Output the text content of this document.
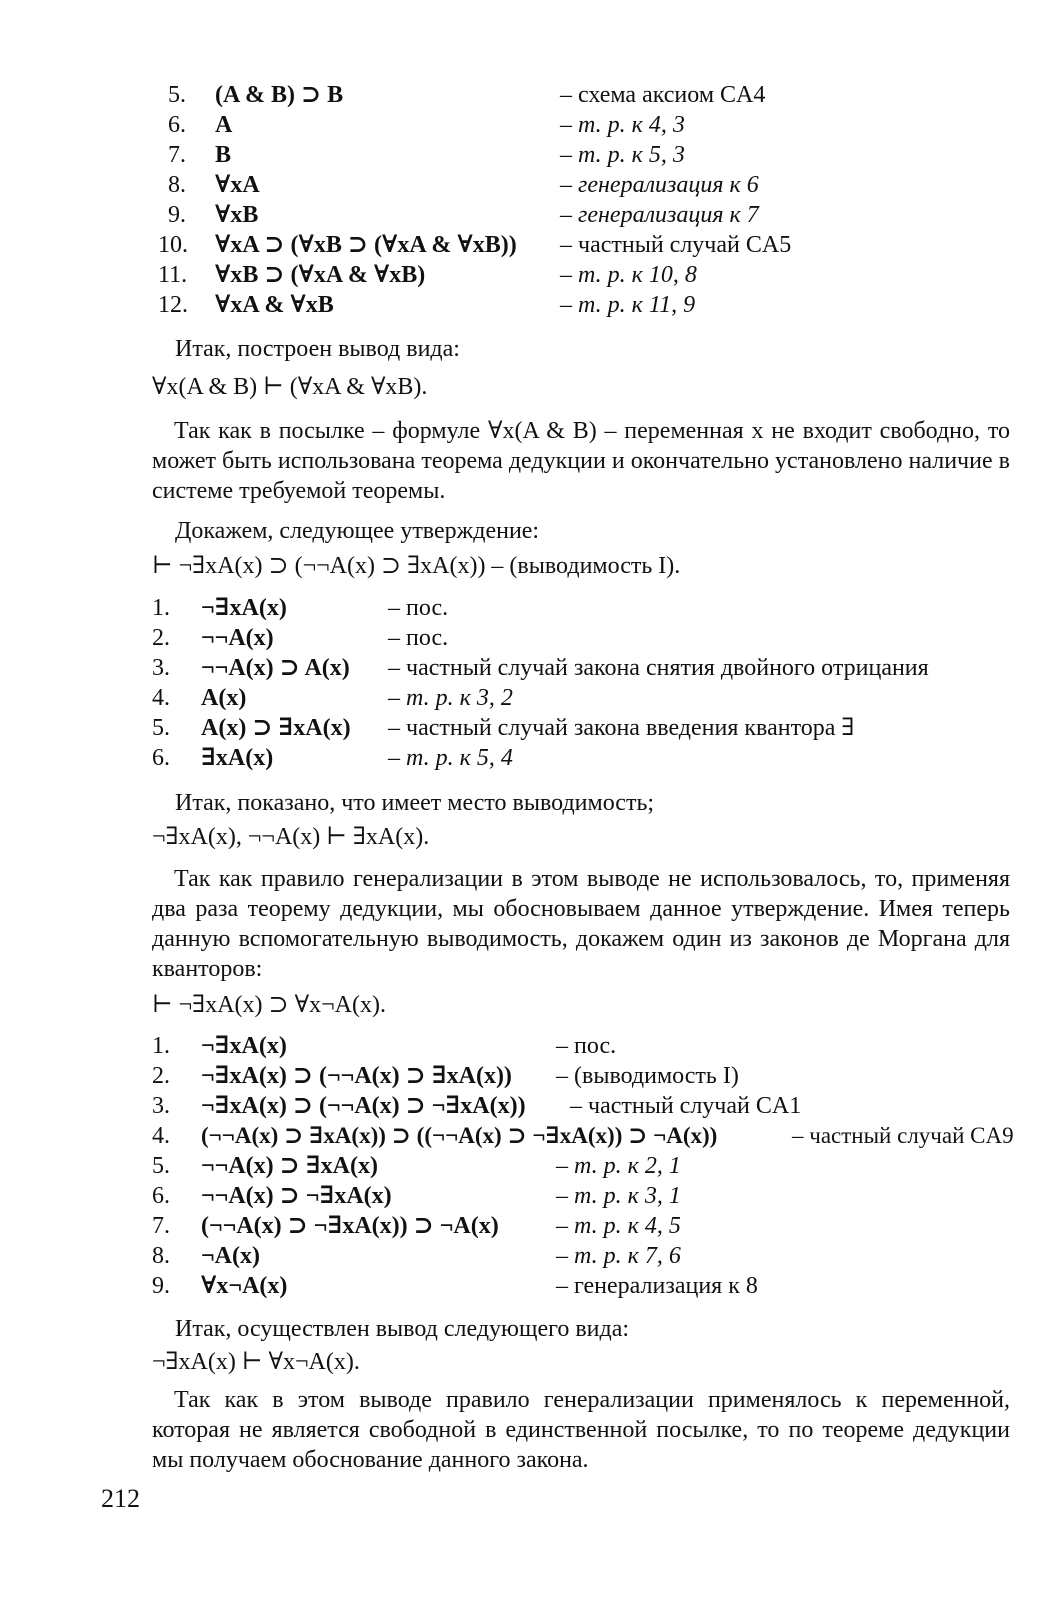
5. (A & B) ⊃ B	– схема аксиом CA4
6. A	– т. р. к 4, 3
7. B	– т. р. к 5, 3
8. ∀xA	– генерализация к 6
9. ∀xB	– генерализация к 7
10. ∀xA ⊃ (∀xB ⊃ (∀xA & ∀xB)) – частный случай CA5
11. ∀xB ⊃ (∀xA & ∀xB)	– т. р. к 10, 8
12. ∀xA & ∀xB	– т. р. к 11, 9
Итак, построен вывод вида:
∀x(A & B) ⊢ (∀xA & ∀xB).

Так как в посылке – формуле ∀x(A & B) – переменная x не входит свободно, то может быть использована теорема дедукции и окончательно установлено наличие в системе требуемой теоремы.

Докажем, следующее утверждение:
⊢ ¬∃xA(x) ⊃ (¬¬A(x) ⊃ ∃xA(x)) – (выводимость I).
1. ¬∃xA(x)	– пос.
2. ¬¬A(x)	– пос.
3. ¬¬A(x) ⊃ A(x) – частный случай закона снятия двойного отрицания
4. A(x)	– т. р. к 3, 2
5. A(x) ⊃ ∃xA(x) – частный случай закона введения квантора ∃
6. ∃xA(x)	– т. р. к 5, 4
Итак, показано, что имеет место выводимость;
¬∃xA(x), ¬¬A(x) ⊢ ∃xA(x).

Так как правило генерализации в этом выводе не использовалось, то, применяя два раза теорему дедукции, мы обосновываем данное утверждение. Имея теперь данную вспомогательную выводимость, докажем один из законов де Моргана для кванторов:

⊢ ¬∃xA(x) ⊃ ∀x¬A(x).
1. ¬∃xA(x)	– пос.
2. ¬∃xA(x) ⊃ (¬¬A(x) ⊃ ∃xA(x)) – (выводимость I)
3. ¬∃xA(x) ⊃ (¬¬A(x) ⊃ ¬∃xA(x)) – частный случай CA1
4. (¬¬A(x) ⊃ ∃xA(x)) ⊃ ((¬¬A(x) ⊃ ¬∃xA(x)) ⊃ ¬A(x))	– частный случай CA9
5. ¬¬A(x) ⊃ ∃xA(x)	– т. р. к 2, 1
6. ¬¬A(x) ⊃ ¬∃xA(x)	– т. р. к 3, 1
7. (¬¬A(x) ⊃ ¬∃xA(x)) ⊃ ¬A(x) – т. р. к 4, 5
8. ¬A(x)	– т. р. к 7, 6
9. ∀x¬A(x)	– генерализация к 8
Итак, осуществлен вывод следующего вида:
¬∃xA(x) ⊢ ∀x¬A(x).

Так как в этом выводе правило генерализации применялось к переменной, которая не является свободной в единственной посылке, то по теореме дедукции мы получаем обоснование данного закона.

212
